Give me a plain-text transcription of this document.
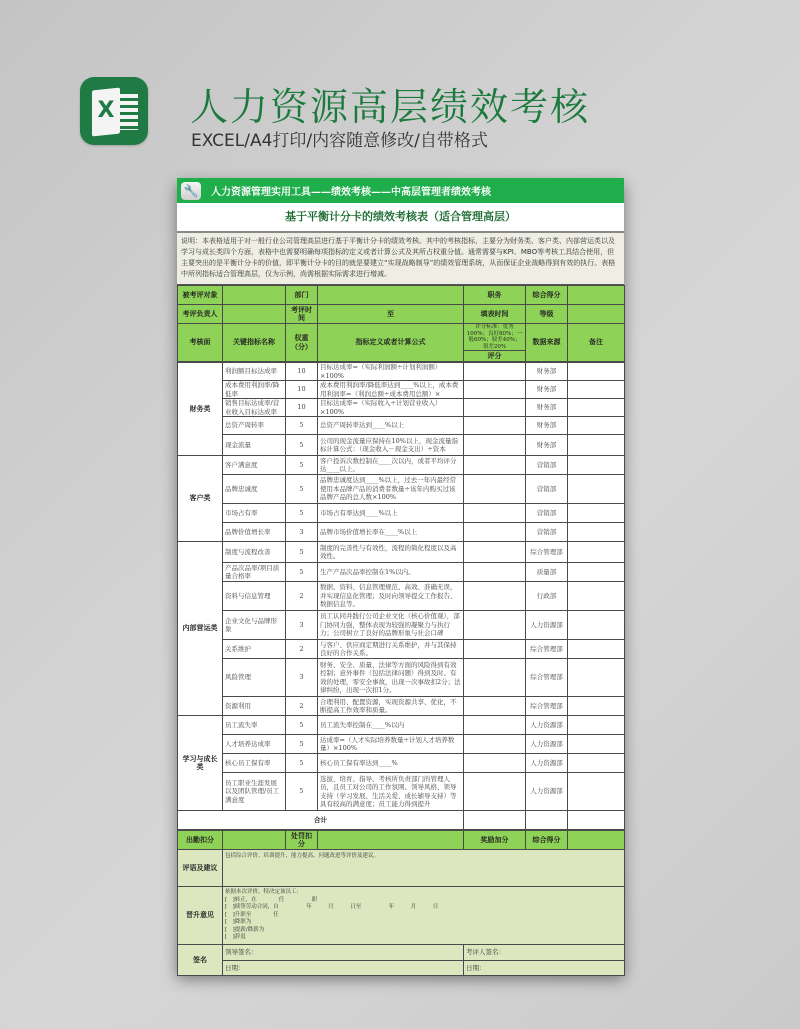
X 人力资源高层绩效考核
EXCEL/A4打印/内容随意修改/自带格式
🔧 人力资源管理实用工具——绩效考核——中高层管理者绩效考核
基于平衡计分卡的绩效考核表（适合管理高层）
说明：本表格适用于对一般行业公司管理高层进行基于平衡计分卡的绩效考核。其中的考核指标，主要分为财务类、客户类、内部营运类以及学习与成长类四个方面，表格中也需要明确每项指标的定义或者计算公式及其所占权重分值。通常需要与KPI、MBO等考核工具结合使用，但主要突出的是平衡计分卡的价值，即平衡计分卡的目的就是要建立“实现战略制导”的绩效管理系统，从而保证企业战略得到有效的执行。表格中所列指标适合管理高层，仅为示例，尚需根据实际需求进行增减。
被考评对象		部门		职务	综合得分	
考评负责人		考评时间	至	填表时间	等级	
考核面	关键指标名称	权重（分）	指标定义或者计算公式	评分标准：优秀100%；良好80%；一般60%；较差40%；很差20%	数据来源	备注
				评分		
财务类	利润额目标达成率	10	目标达成率=（实际利润额÷计划利润额）×100%		财务部	
	成本费用利润率/降低率	10	成本费用利润率/降低率达到____%以上，成本费用利润率=（利润总额÷成本费用总额）×		财务部	
	销售目标达成率/营业收入目标达成率	10	目标达成率=（实际收入÷计划营业收入）×100%		财务部	
	总资产周转率	5	总资产周转率达到____%以上		财务部	
	现金流量	5	公司的现金流量应保持在10%以上，现金流量指标计算公式：（现金收入－现金支出）÷资本		财务部	
客户类	客户满意度	5	客户投诉次数控制在____次以内，或者平均评分达____以上。		营销部	
	品牌忠诚度	5	品牌忠诚度达到____%以上，过去一年内最经常使用本品牌产品的消费者数量÷该年内购买过该品牌产品的总人数×100%		营销部	
	市场占有率	5	市场占有率达到____%以上		营销部	
	品牌价值增长率	3	品牌市场价值增长率在____%以上		营销部	
内部营运类	制度与流程改善	5	制度的完善性与有效性，流程的简化程度以及高效性。		综合管理部	
	产品次品率/项目质量合格率	5	生产产品次品率控制在1%以内。		质量部	
	资料与信息管理	2	数据、资料、信息管理规范、高效、准确无误，并实现信息化管理；及时向领导提交工作报告、数据信息等。		行政部	
	企业文化与品牌形象	3	员工认同并践行公司企业文化（核心价值观），部门协同力强，整体表现为较强的凝聚力与执行力；公司树立了良好的品牌形象与社会口碑		人力资源部	
	关系维护	2	与客户、供应商定期进行关系维护，并与其保持良好的合作关系。		综合管理部	
	风险管理	3	财务、安全、质量、法律等方面的风险得到有效控制；意外事件（包括法律问题）得到及时、有效的处理，零安全事故，出现一次事故扣2分；法律纠纷，出现一次扣1分。		综合管理部	
	资源利用	2	合理利用、配置资源，实现资源共享、优化，不断提高工作效率和质量。		综合管理部	
学习与成长类	员工流失率	5	员工流失率控制在____%以内		人力资源部	
	人才培养达成率	5	达成率=（人才实际培养数量÷计划人才培养数量）×100%		人力资源部	
	核心员工保有率	5	核心员工保有率达到____%		人力资源部	
	员工职业生涯发展以及团队管理/员工满意度	5	选拔、培育、指导、考核所负责部门的管理人员，且员工对公司的工作氛围、领导风格、领导支持（学习发展、生活关爱、成长辅导支持）等具有较高的满意度；员工能力得到提升		人力资源部	
合计						
出勤扣分		处罚扣分		奖励加分	综合得分	
评语及建议	包括综合评价、培训提升、能力提高、问题改进等评价及建议。					
晋升意见	
依据本次评价，特决定该员工：
[　]转正，在　　　　任　　　　　职
[　]续签劳动合同，自　　　　　年　　　月　　　日至　　　　　年　　　月　　　日
[　]升职至　　　　任
[　]降职为
[　]提薪/降薪为
[　]辞退

签名	领导签名：			考评人签名：		
	日期：			日期：		
